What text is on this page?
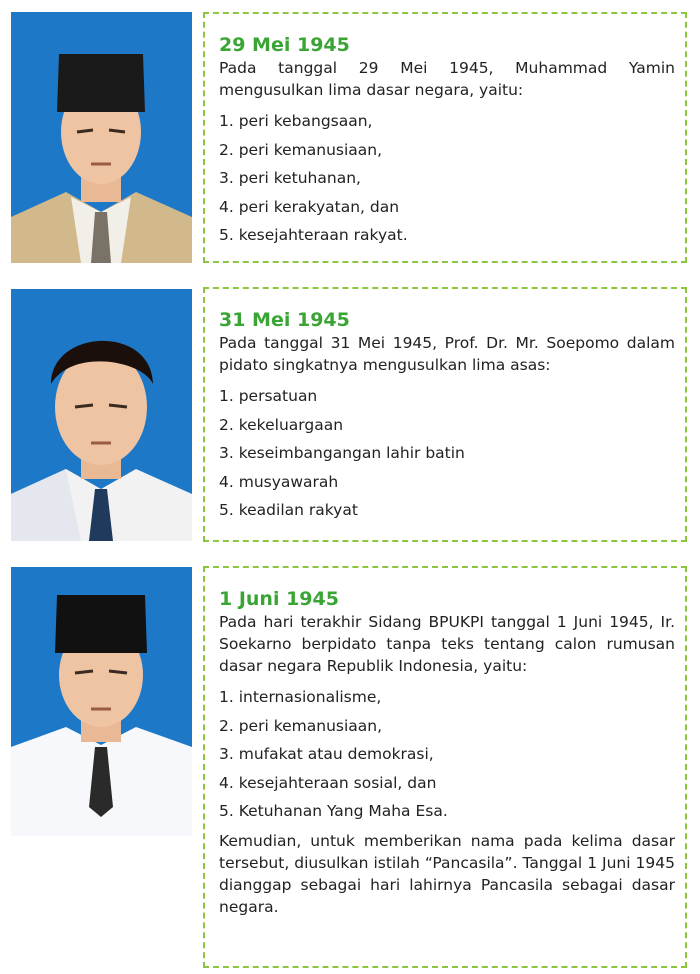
29 Mei 1945
Pada tanggal 29 Mei 1945, Muhammad Yamin mengusulkan lima dasar negara, yaitu:
1. peri kebangsaan,
2. peri kemanusiaan,
3. peri ketuhanan,
4. peri kerakyatan, dan
5. kesejahteraan rakyat.
31 Mei 1945
Pada tanggal 31 Mei 1945, Prof. Dr. Mr. Soepomo dalam pidato singkatnya mengusulkan lima asas:
1. persatuan
2. kekeluargaan
3. keseimbangangan lahir batin
4. musyawarah
5. keadilan rakyat
1 Juni 1945
Pada hari terakhir Sidang BPUKPI tanggal 1 Juni 1945, Ir. Soekarno berpidato tanpa teks tentang calon rumusan dasar negara Republik Indonesia, yaitu:
1. internasionalisme,
2. peri kemanusiaan,
3. mufakat atau demokrasi,
4. kesejahteraan sosial, dan
5. Ketuhanan Yang Maha Esa.
Kemudian, untuk memberikan nama pada kelima dasar tersebut, diusulkan istilah “Pancasila”. Tanggal 1 Juni 1945 dianggap sebagai hari lahirnya Pancasila sebagai dasar negara.
